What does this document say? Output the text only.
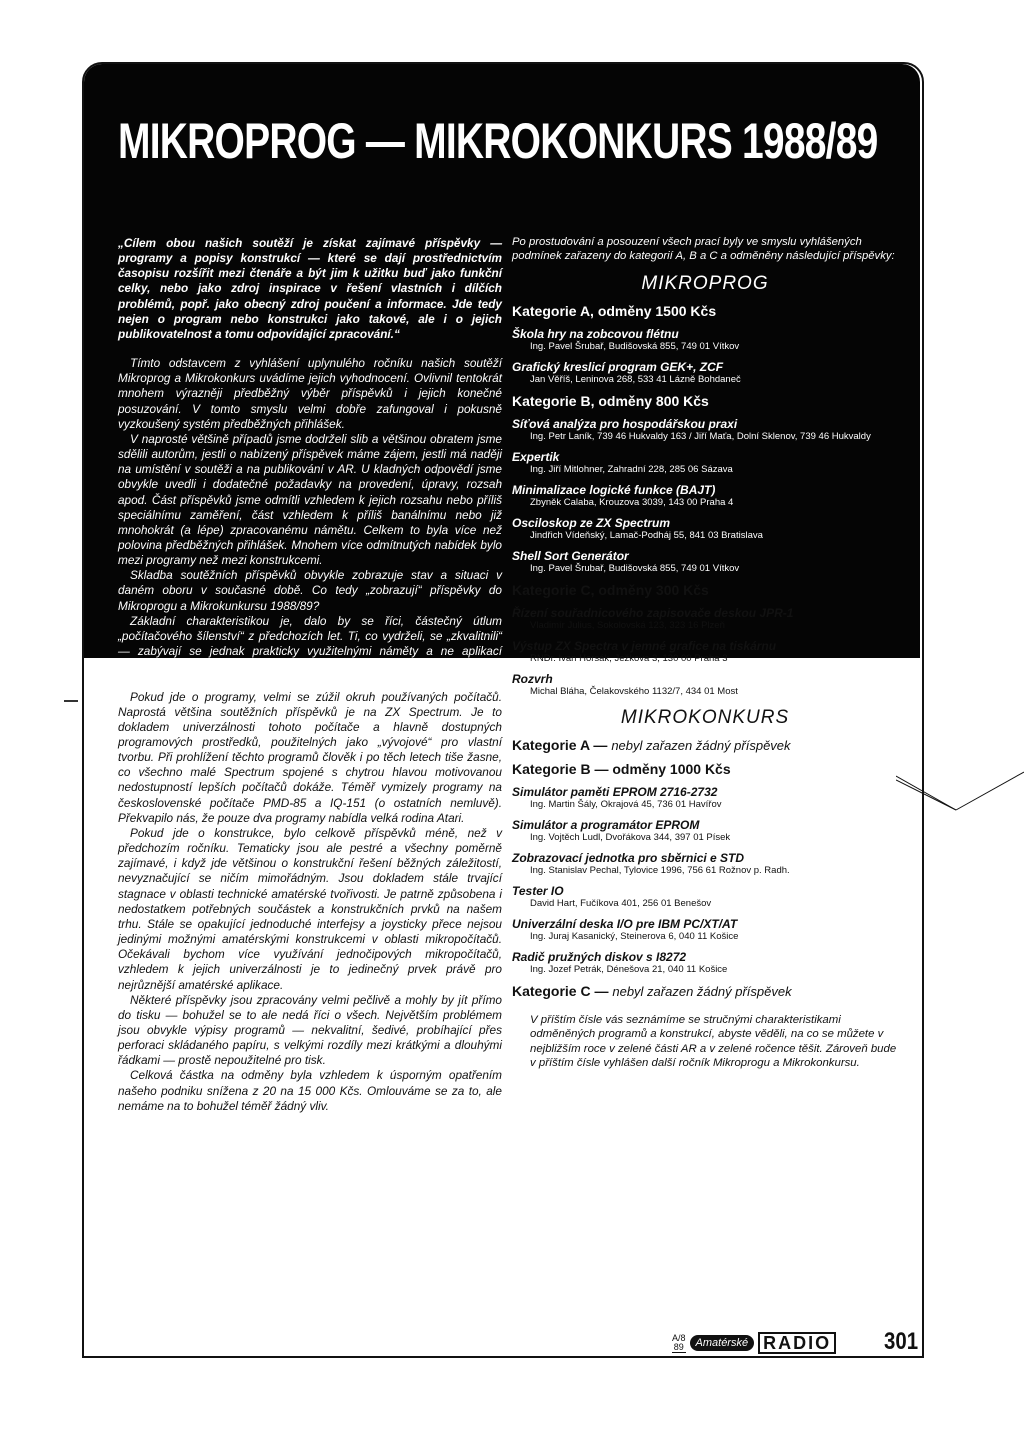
MIKROPROG — MIKROKONKURS 1988/89

„Cílem obou našich soutěží je získat zajímavé příspěvky — programy a popisy konstrukcí — které se dají prostřednictvím časopisu rozšířit mezi čtenáře a být jim k užitku buď jako funkční celky, nebo jako zdroj inspirace v řešení vlastních i dílčích problémů, popř. jako obecný zdroj poučení a informace. Jde tedy nejen o program nebo konstrukci jako takové, ale i o jejich publikovatelnost a tomu odpovídající zpracování.“

Tímto odstavcem z vyhlášení uplynulého ročníku našich soutěží Mikroprog a Mikrokonkurs uvádíme jejich vyhodnocení. Ovlivnil tentokrát mnohem výrazněji předběžný výběr příspěvků i jejich konečné posuzování. V tomto smyslu velmi dobře zafungoval i pokusně vyzkoušený systém předběžných přihlášek.

V naprosté většině případů jsme dodrželi slib a většinou obratem jsme sdělili autorům, jestli o nabízený příspěvek máme zájem, jestli má naději na umístění v soutěži a na publikování v AR. U kladných odpovědí jsme obvykle uvedli i dodatečné požadavky na provedení, úpravy, rozsah apod. Část příspěvků jsme odmítli vzhledem k jejich rozsahu nebo příliš speciálnímu zaměření, část vzhledem k příliš banálnímu nebo již mnohokrát (a lépe) zpracovanému námětu. Celkem to byla více než polovina předběžných přihlášek. Mnohem více odmítnutých nabídek bylo mezi programy než mezi konstrukcemi.

Skladba soutěžních příspěvků obvykle zobrazuje stav a situaci v daném oboru v současné době. Co tedy „zobrazují“ příspěvky do Mikroprogu a Mikrokunkursu 1988/89?

Základní charakteristikou je, dalo by se říci, částečný útlum „počítačového šílenství“ z předchozích let. Ti, co vydrželi, se „zkvalitnili“ — zabývají se jednak prakticky využitelnými náměty a ne aplikací počítače za každou cenu, jednak se snaží o větší dokonalost a profesionalitu svých výtvorů.

Pokud jde o programy, velmi se zúžil okruh používaných počítačů. Naprostá většina soutěžních příspěvků je na ZX Spectrum. Je to dokladem univerzálnosti tohoto počítače a hlavně dostupných programových prostředků, použitelných jako „vývojové“ pro vlastní tvorbu. Při prohlížení těchto programů člověk i po těch letech tiše žasne, co všechno malé Spectrum spojené s chytrou hlavou motivovanou nedostupností lepších počítačů dokáže. Téměř vymizely programy na československé počítače PMD-85 a IQ-151 (o ostatních nemluvě). Překvapilo nás, že pouze dva programy nabídla velká rodina Atari.

Pokud jde o konstrukce, bylo celkově příspěvků méně, než v předchozím ročníku. Tematicky jsou ale pestré a všechny poměrně zajímavé, i když jde většinou o konstrukční řešení běžných záležitostí, nevyznačující se ničím mimořádným. Jsou dokladem stále trvající stagnace v oblasti technické amatérské tvořivosti. Je patrně způsobena i nedostatkem potřebných součástek a konstrukčních prvků na našem trhu. Stále se opakující jednoduché interfejsy a joysticky přece nejsou jedinými možnými amatérskými konstrukcemi v oblasti mikropočítačů. Očekávali bychom více využívání jednočipových mikropočítačů, vzhledem k jejich univerzálnosti je to jedinečný prvek právě pro nejrůznější amatérské aplikace.

Některé příspěvky jsou zpracovány velmi pečlivě a mohly by jít přímo do tisku — bohužel se to ale nedá říci o všech. Největším problémem jsou obvykle výpisy programů — nekvalitní, šedivé, probíhající přes perforaci skládaného papíru, s velkými rozdíly mezi krátkými a dlouhými řádkami — prostě nepoužitelné pro tisk.

Celková částka na odměny byla vzhledem k úsporným opatřením našeho podniku snížena z 20 na 15 000 Kčs. Omlouváme se za to, ale nemáme na to bohužel téměř žádný vliv.

Po prostudování a posouzení všech prací byly ve smyslu vyhlášených podmínek zařazeny do kategorií A, B a C a odměněny následující příspěvky:

MIKROPROG
Kategorie A, odměny 1500 Kčs
Škola hry na zobcovou flétnu
Ing. Pavel Šrubař, Budišovská 855, 749 01 Vítkov
Grafický kreslicí program GEK+, ZCF
Jan Věříš, Leninova 268, 533 41 Lázně Bohdaneč
Kategorie B, odměny 800 Kčs
Síťová analýza pro hospodářskou praxi
Ing. Petr Laník, 739 46 Hukvaldy 163 / Jiří Maťa, Dolní Sklenov, 739 46 Hukvaldy
Expertik
Ing. Jiří Mitlohner, Zahradní 228, 285 06 Sázava
Minimalizace logické funkce (BAJT)
Zbyněk Calaba, Krouzova 3039, 143 00 Praha 4
Osciloskop ze ZX Spectrum
Jindřich Vídeňský, Lamač-Podháj 55, 841 03 Bratislava
Shell Sort Generátor
Ing. Pavel Šrubař, Budišovská 855, 749 01 Vítkov
Kategorie C, odměny 300 Kčs
Řízení souřadnicového zapisovače deskou JPR-1
Vladimír Julius, Sokolovská 123, 323 16 Plzeň
Výstup ZX Spectra v jemné grafice na tiskárnu
RNDr. Ivan Horsák, Ježkova 3, 130 00 Praha 3
Rozvrh
Michal Bláha, Čelakovského 1132/7, 434 01 Most
MIKROKONKURS
Kategorie A — nebyl zařazen žádný příspěvek
Kategorie B — odměny 1000 Kčs
Simulátor paměti EPROM 2716-2732
Ing. Martin Šály, Okrajová 45, 736 01 Havířov
Simulátor a programátor EPROM
Ing. Vojtěch Ludl, Dvořákova 344, 397 01 Písek
Zobrazovací jednotka pro sběrnici e STD
Ing. Stanislav Pechal, Tylovice 1996, 756 61 Rožnov p. Radh.
Tester IO
David Hart, Fučíkova 401, 256 01 Benešov
Univerzální deska I/O pre IBM PC/XT/AT
Ing. Juraj Kasanický, Steinerova 6, 040 11 Košice
Radič pružných diskov s I8272
Ing. Jozef Petrák, Dénešova 21, 040 11 Košice
Kategorie C — nebyl zařazen žádný příspěvek

V příštím čísle vás seznámíme se stručnými charakteristikami odměněných programů a konstrukcí, abyste věděli, na co se můžete v nejbližším roce v zelené části AR a v zelené ročence těšit. Zároveň bude v příštím čísle vyhlášen další ročník Mikroprogu a Mikrokonkursu.

A/8
89	Amatérské RADIO 301
